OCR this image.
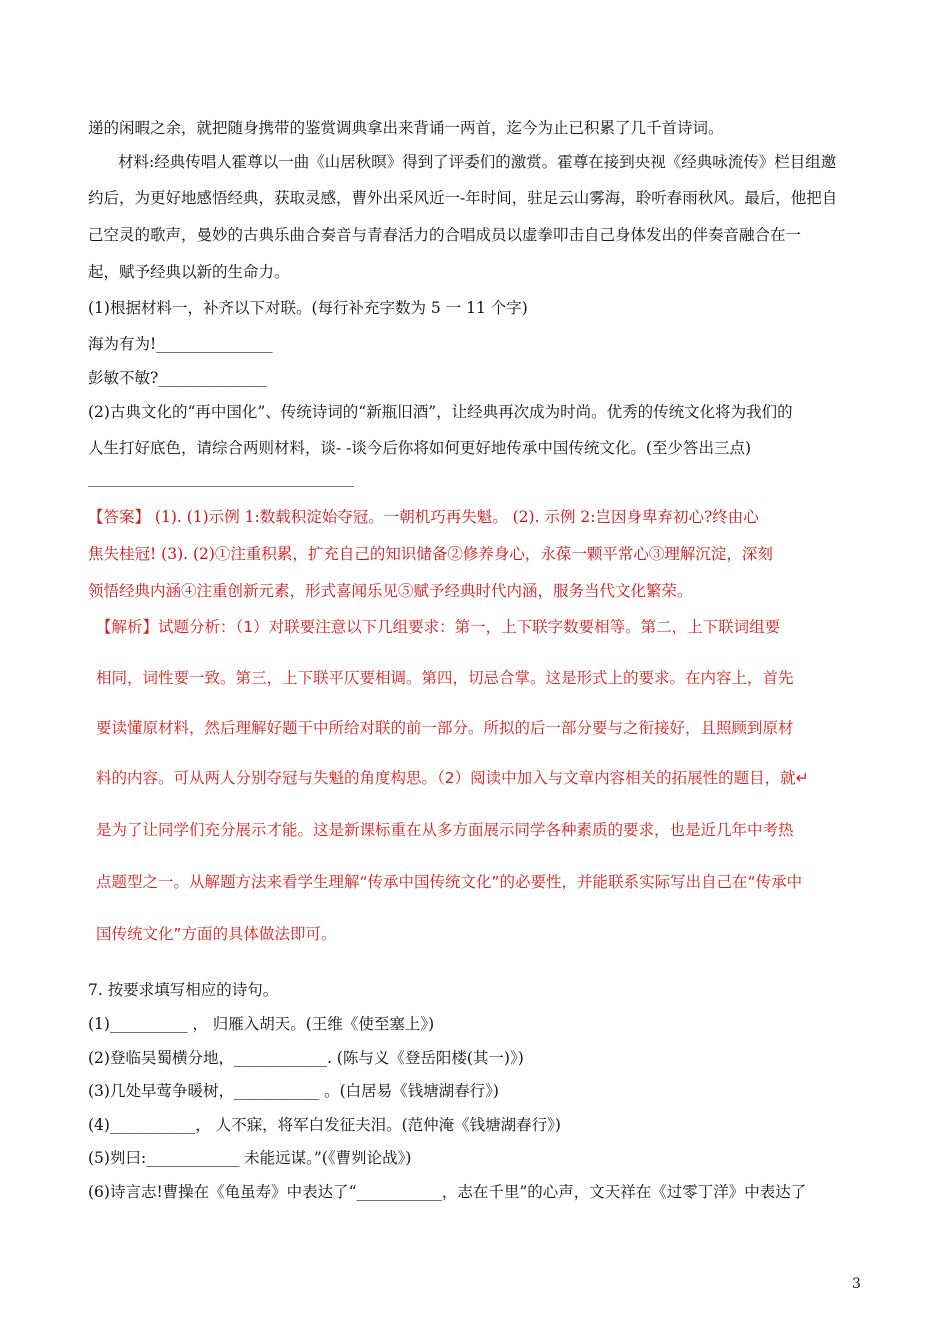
递的闲暇之余，就把随身携带的鉴赏调典拿出来背诵一两首，迄今为止已积累了几千首诗词。
材料:经典传唱人霍尊以一曲《山居秋暝》得到了评委们的激赏。霍尊在接到央视《经典咏流传》栏目组邀
约后，为更好地感悟经典，获取灵感，曹外出采风近一-年时间，驻足云山雾海，聆听春雨秋风。最后，他把自
己空灵的歌声，曼妙的古典乐曲合奏音与青春活力的合唱成员以虚拳叩击自己身体发出的伴奏音融合在一
起，赋予经典以新的生命力。
(1)根据材料一，补齐以下对联。(每行补充字数为 5 一 11 个字)
海为有为!_______________
彭敏不敏?______________
(2)古典文化的“再中国化”、传统诗词的“新瓶旧酒”，让经典再次成为时尚。优秀的传统文化将为我们的
人生打好底色，请综合两则材料，谈- -谈今后你将如何更好地传承中国传统文化。(至少答出三点)
【答案】 (1). (1)示例 1:数载积淀始夺冠。一朝机巧再失魁。 (2). 示例 2:岂因身卑弃初心?终由心
焦失桂冠! (3). (2)①注重积累，扩充自己的知识储备②修养身心，永葆一颗平常心③理解沉淀，深刻
领悟经典内涵④注重创新元素，形式喜闻乐见⑤赋予经典时代内涵，服务当代文化繁荣。
【解析】试题分析：（1）对联要注意以下几组要求：第一，上下联字数要相等。第二，上下联词组要
相同，词性要一致。第三，上下联平仄要相调。第四，切忌合掌。这是形式上的要求。在内容上，首先
要读懂原材料，然后理解好题干中所给对联的前一部分。所拟的后一部分要与之衔接好，且照顾到原材
料的内容。可从两人分别夺冠与失魁的角度构思。（2）阅读中加入与文章内容相关的拓展性的题目，就↵
是为了让同学们充分展示才能。这是新课标重在从多方面展示同学各种素质的要求，也是近几年中考热
点题型之一。从解题方法来看学生理解“传承中国传统文化”的必要性，并能联系实际写出自己在“传承中
国传统文化”方面的具体做法即可。
7. 按要求填写相应的诗句。
(1)__________ ， 归雁入胡天。(王维《使至塞上》)
(2)登临吴蜀横分地，____________. (陈与义《登岳阳楼(其一)》)
(3)几处早莺争暖树，___________ 。(白居易《钱塘湖春行》)
(4)___________， 人不寐，将军白发征夫泪。(范仲淹《钱塘湖春行》)
(5)刿曰:____________ 未能远谋。”(《曹刿论战》)
(6)诗言志!曹操在《龟虽寿》中表达了“___________，志在千里”的心声，文天祥在《过零丁洋》中表达了
3
